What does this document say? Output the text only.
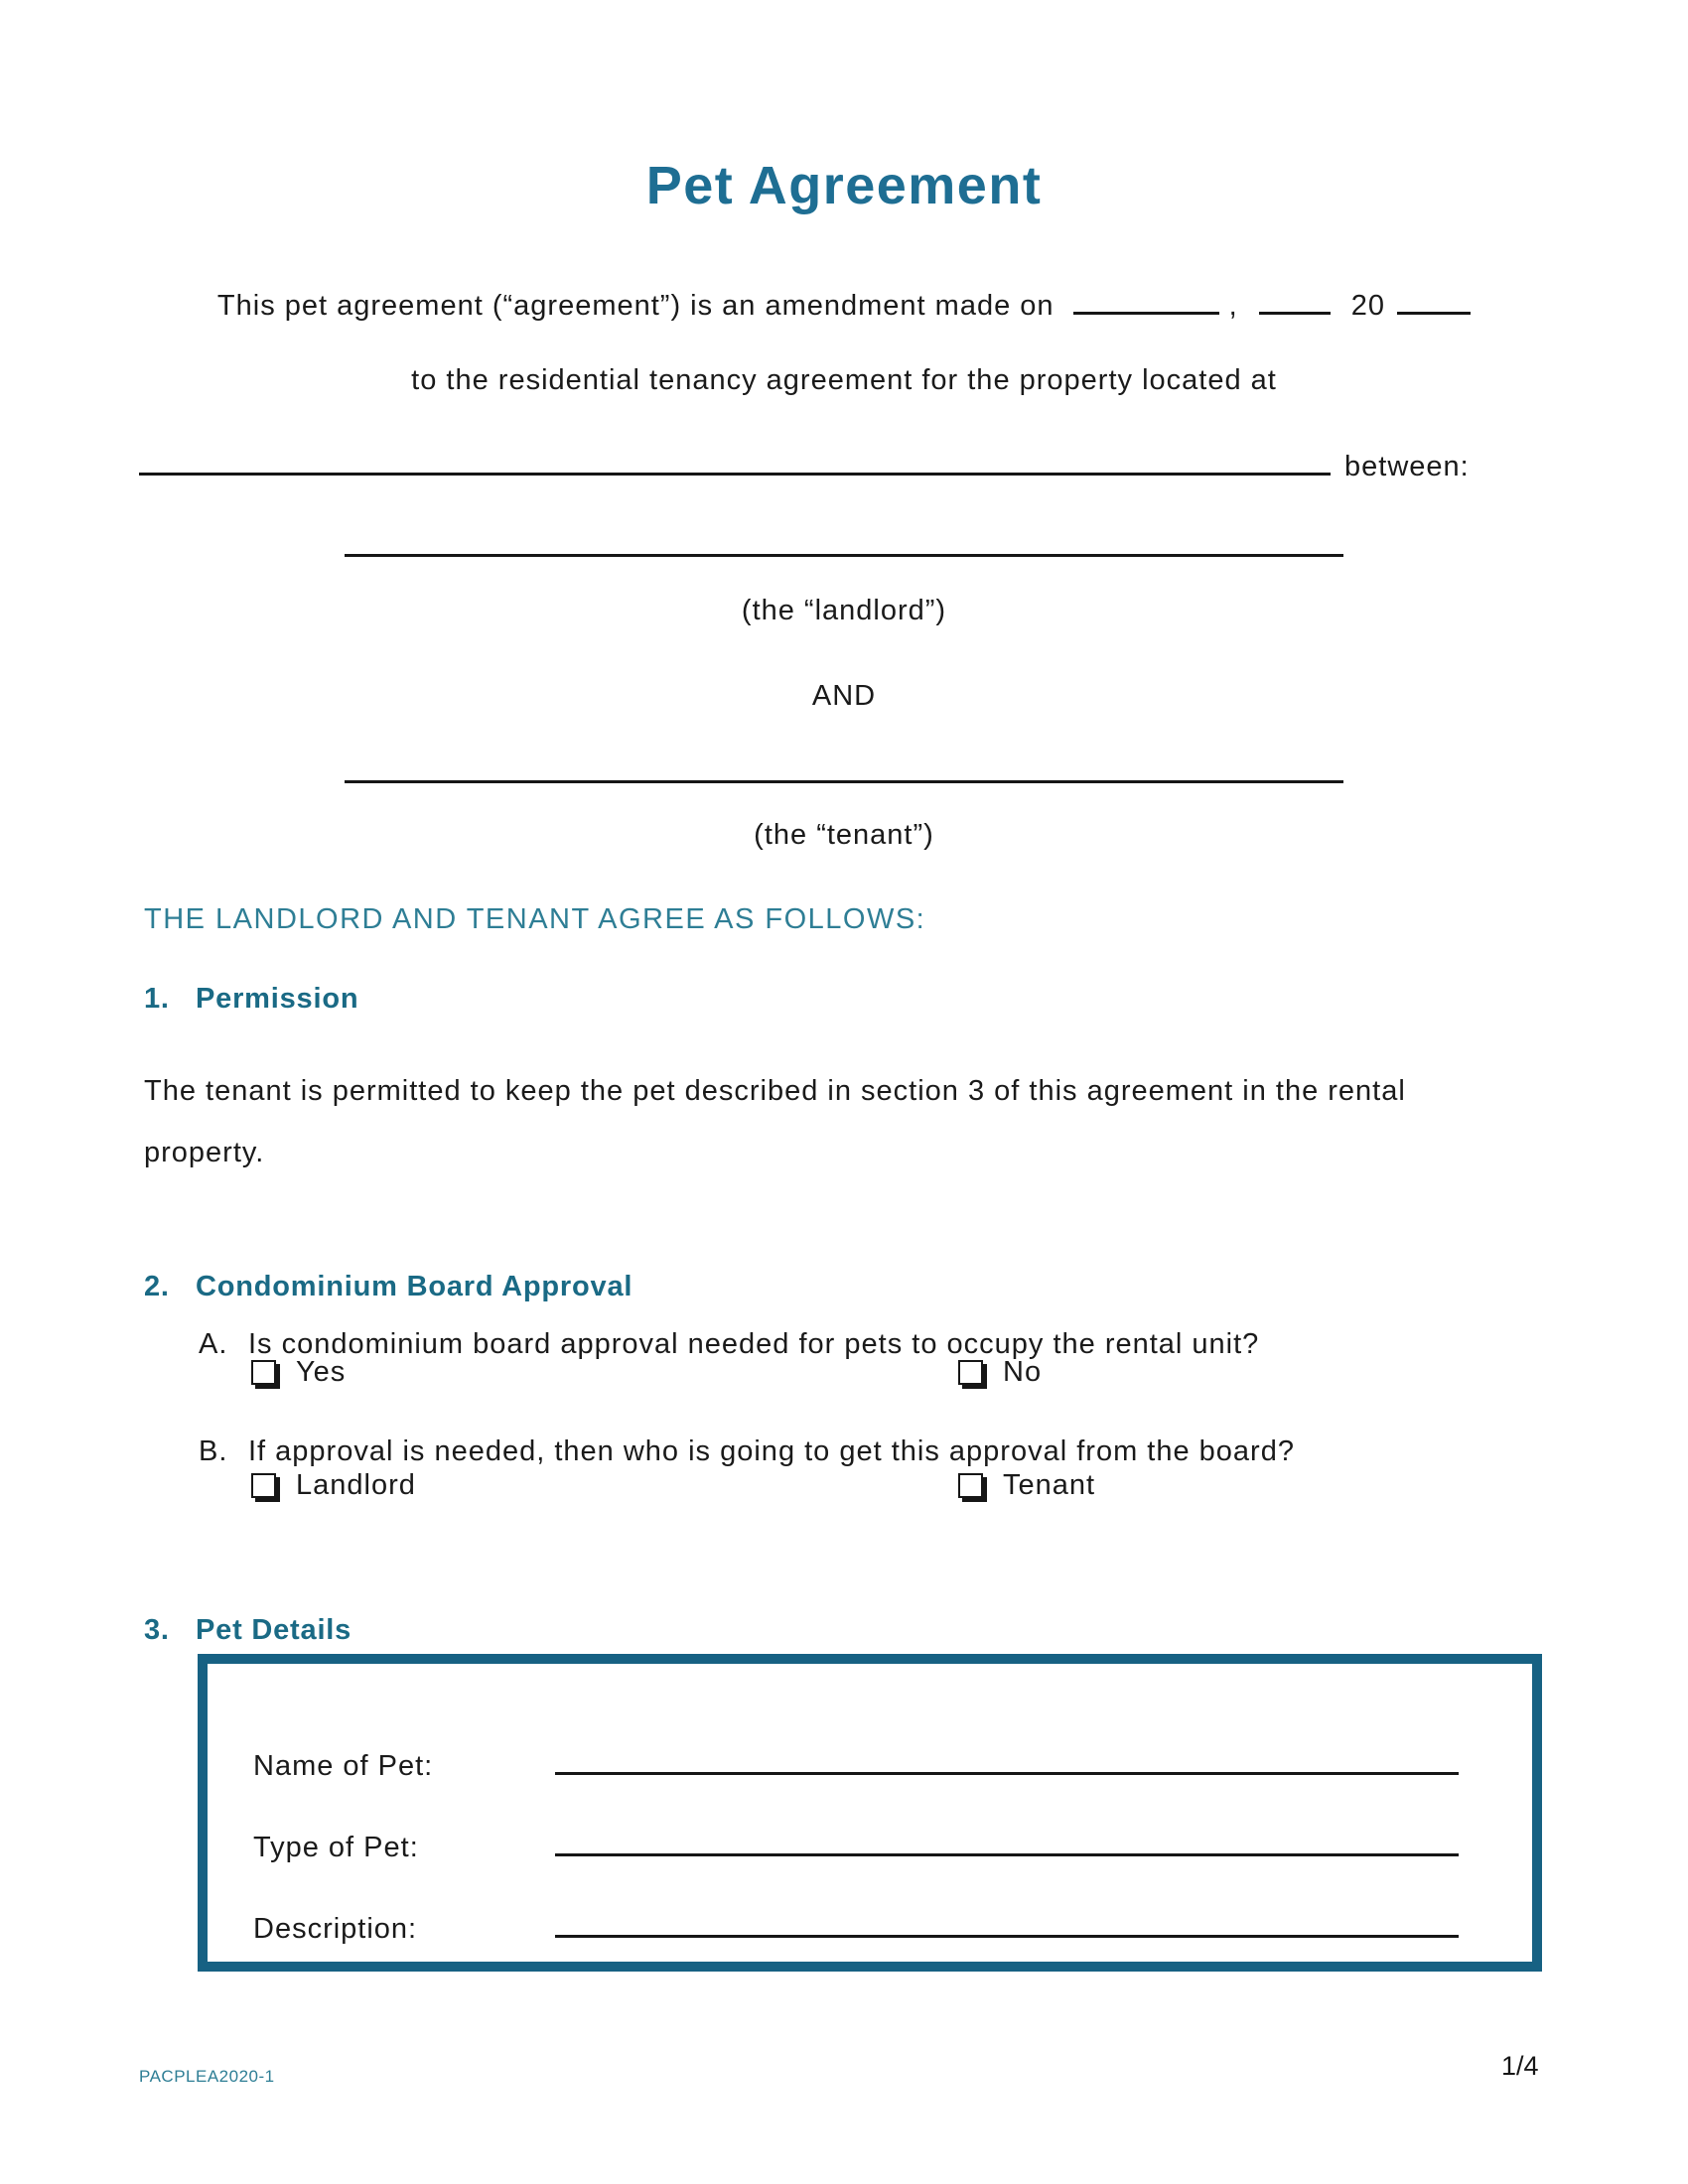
Pet Agreement
This pet agreement (“agreement”) is an amendment made on	,	20
to the residential tenancy agreement for the property located at
between:
(the “landlord”)
AND
(the “tenant”)
THE LANDLORD AND TENANT AGREE AS FOLLOWS:
1. Permission
The tenant is permitted to keep the pet described in section 3 of this agreement in the rental
property.
2. Condominium Board Approval
A. Is condominium board approval needed for pets to occupy the rental unit?
Yes	No
B. If approval is needed, then who is going to get this approval from the board?
Landlord	Tenant
3. Pet Details
Name of Pet:
Type of Pet:
Description:
PACPLEA2020-1	1/4
